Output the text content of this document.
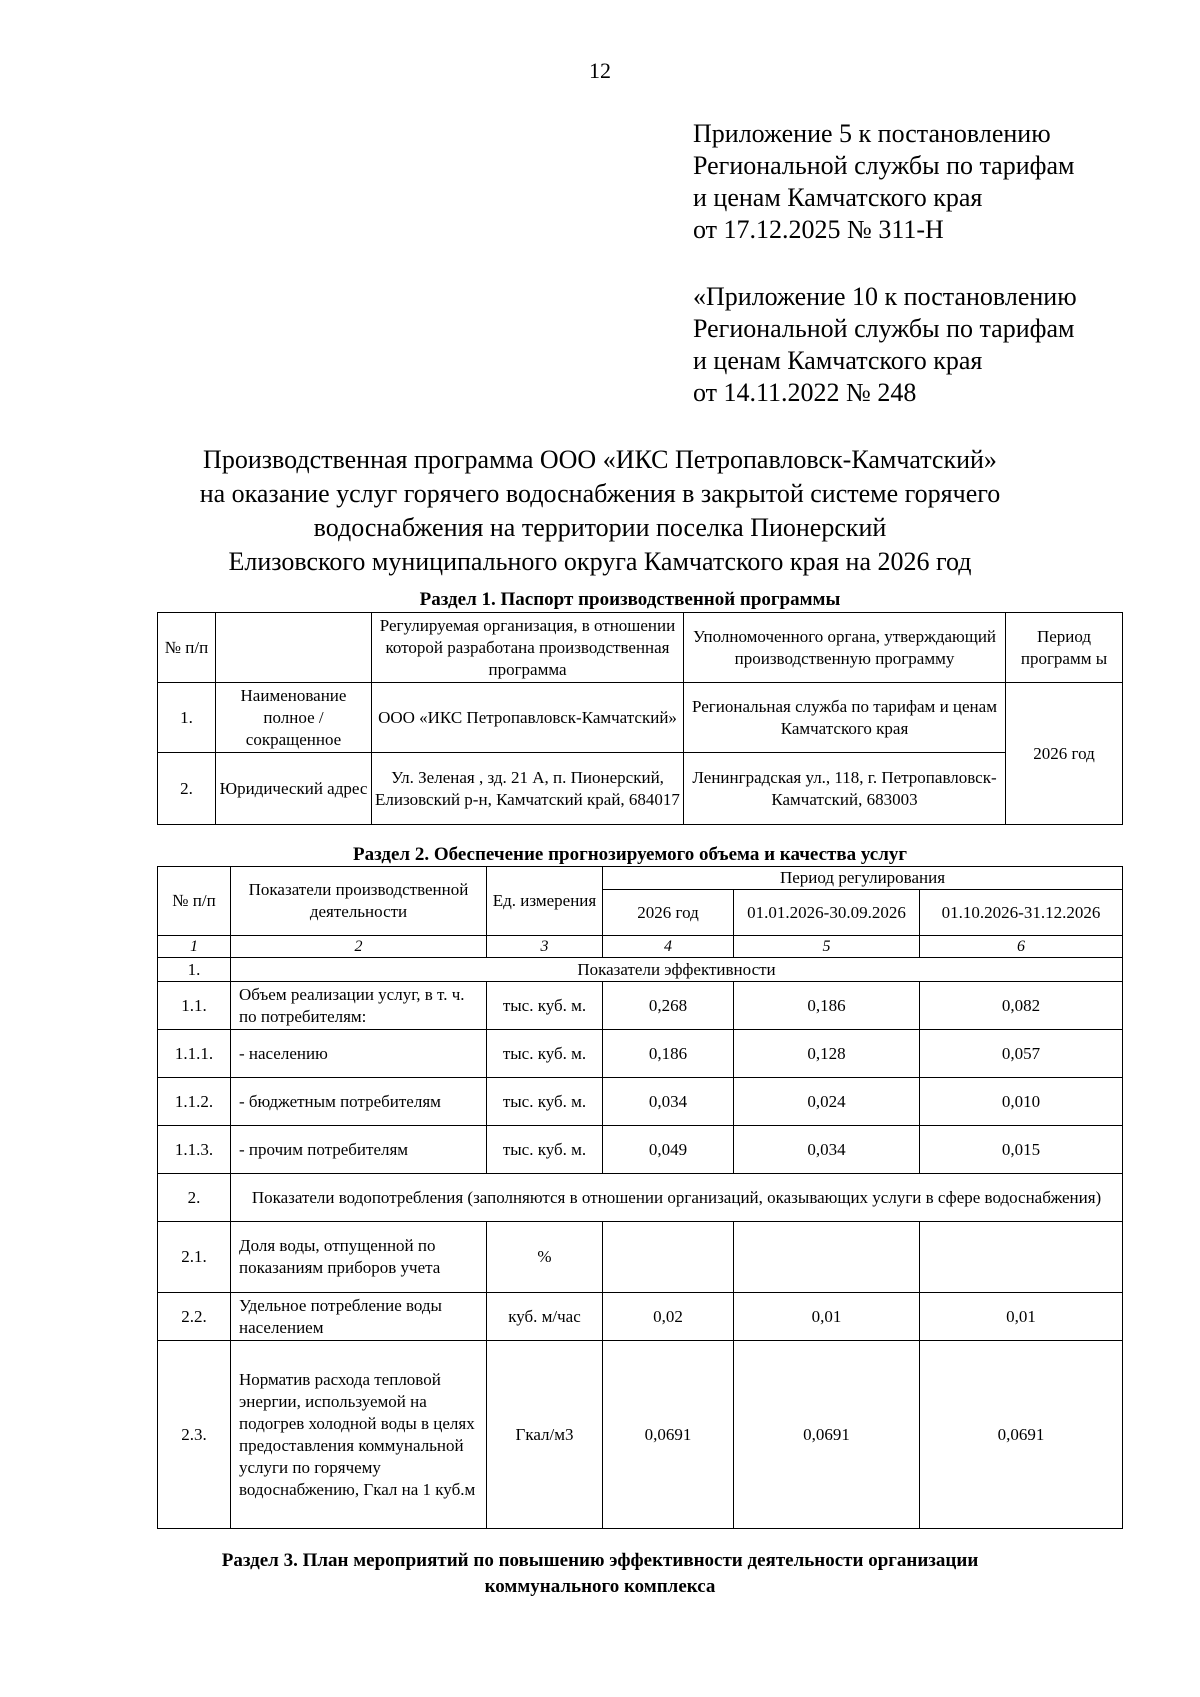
12
Приложение 5 к постановлению
Региональной службы по тарифам
и ценам Камчатского края
от 17.12.2025 № 311-Н
«Приложение 10 к постановлению
Региональной службы по тарифам
и ценам Камчатского края
от 14.11.2022 № 248
Производственная программа ООО «ИКС Петропавловск-Камчатский»
на оказание услуг горячего водоснабжения в закрытой системе горячего
водоснабжения на территории поселка Пионерский
Елизовского муниципального округа Камчатского края на 2026 год
Раздел 1. Паспорт производственной программы
№ п/п		Регулируемая организация, в отношении которой разработана производственная программа	Уполномоченного органа, утверждающий производственную программу	Период программ ы
1.	Наименование полное / сокращенное	ООО «ИКС Петропавловск-Камчатский»	Региональная служба по тарифам и ценам Камчатского края	2026 год
2.	Юридический адрес	Ул. Зеленая , зд. 21 А, п. Пионерский, Елизовский р-н, Камчатский край, 684017	Ленинградская ул., 118, г. Петропавловск-Камчатский, 683003	
Раздел 2. Обеспечение прогнозируемого объема и качества услуг
№ п/п	Показатели производственной деятельности	Ед. измерения	Период регулирования		
			2026 год	01.01.2026-30.09.2026	01.10.2026-31.12.2026
1	2	3	4	5	6
1.	Показатели эффективности				
1.1.	Объем реализации услуг, в т. ч. по потребителям:	тыс. куб. м.	0,268	0,186	0,082
1.1.1.	- населению	тыс. куб. м.	0,186	0,128	0,057
1.1.2.	- бюджетным потребителям	тыс. куб. м.	0,034	0,024	0,010
1.1.3.	- прочим потребителям	тыс. куб. м.	0,049	0,034	0,015
2.	Показатели водопотребления (заполняются в отношении организаций, оказывающих услуги в сфере водоснабжения)				
2.1.	Доля воды, отпущенной по показаниям приборов учета	%			
2.2.	Удельное потребление воды населением	куб. м/час	0,02	0,01	0,01
2.3.	Норматив расхода тепловой энергии, используемой на подогрев холодной воды в целях предоставления коммунальной услуги по горячему водоснабжению, Гкал на 1 куб.м	Гкал/м3	0,0691	0,0691	0,0691
Раздел 3. План мероприятий по повышению эффективности деятельности организации
коммунального комплекса
